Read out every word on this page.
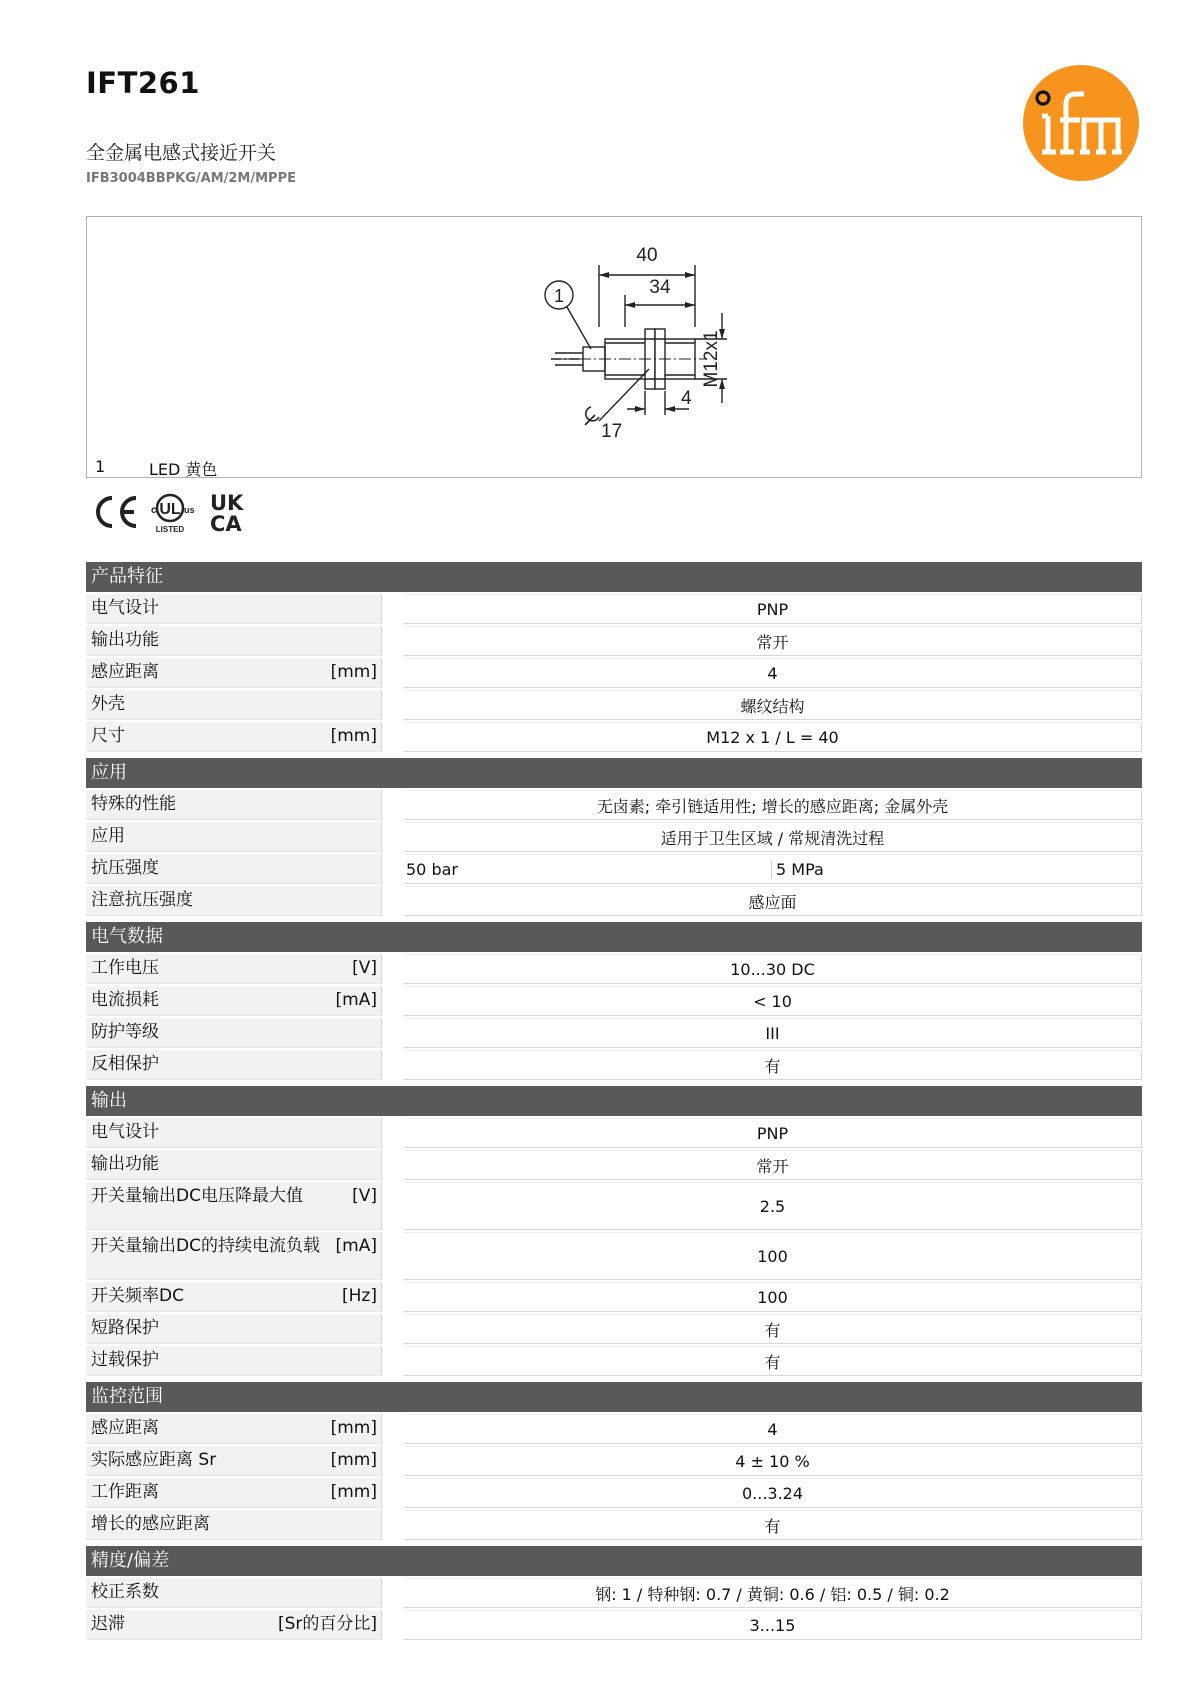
IFT261
全金属电感式接近开关
IFB3004BBPKG/AM/2M/MPPE
40
34
M12x1
4
17
1
1	LED 黄色
UL
c	us
LISTED
UK
CA
产品特征
电气设计	PNP
输出功能	常开
感应距离	[mm]	4
外壳	螺纹结构
尺寸	[mm]	M12 x 1 / L = 40
应用
特殊的性能	无卤素; 牵引链适用性; 增长的感应距离; 金属外壳
应用	适用于卫生区域 / 常规清洗过程
抗压强度	50 bar	5 MPa
注意抗压强度	感应面
电气数据
工作电压	[V]	10...30 DC
电流损耗	[mA]	< 10
防护等级	III
反相保护	有
输出
电气设计	PNP
输出功能	常开
开关量输出DC电压降最大值	[V]	2.5
开关量输出DC的持续电流负载 [mA]	100
开关频率DC	[Hz]	100
短路保护	有
过载保护	有
监控范围
感应距离	[mm]	4
实际感应距离 Sr	[mm]	4 ± 10 %
工作距离	[mm]	0...3.24
增长的感应距离	有
精度/偏差
校正系数	钢: 1 / 特种钢: 0.7 / 黄铜: 0.6 / 铝: 0.5 / 铜: 0.2
迟滞	[Sr的百分比]	3...15
